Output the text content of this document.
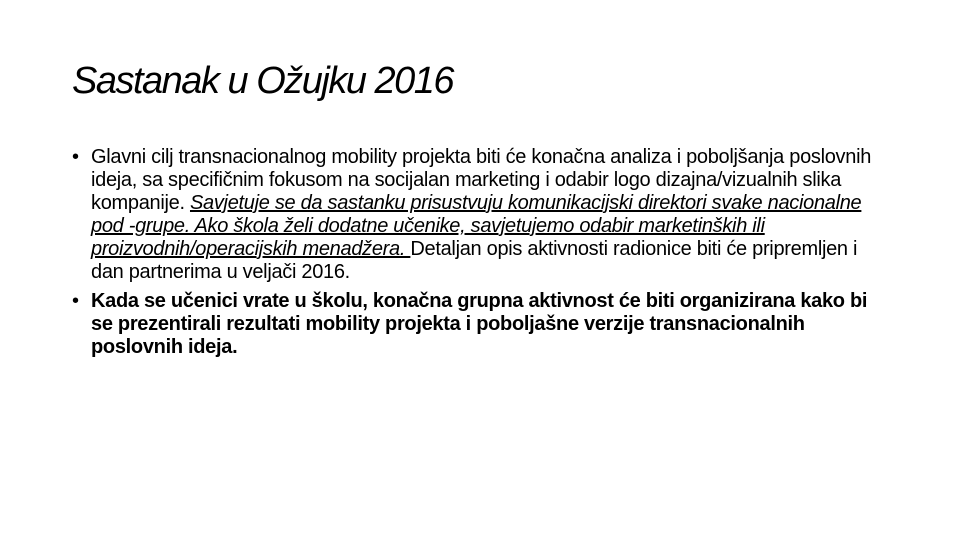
Sastanak u Ožujku 2016
• Glavni cilj transnacionalnog mobility projekta biti će konačna analiza i poboljšanja poslovnih ideja, sa specifičnim fokusom na socijalan marketing i odabir logo dizajna/vizualnih slika kompanije. Savjetuje se da sastanku prisustvuju komunikacijski direktori svake nacionalne pod -grupe. Ako škola želi dodatne učenike, savjetujemo odabir marketinških ili proizvodnih/operacijskih menadžera. Detaljan opis aktivnosti radionice biti će pripremljen i dan partnerima u veljači 2016.
• Kada se učenici vrate u školu, konačna grupna aktivnost će biti organizirana kako bi se prezentirali rezultati mobility projekta i poboljašne verzije transnacionalnih poslovnih ideja.
